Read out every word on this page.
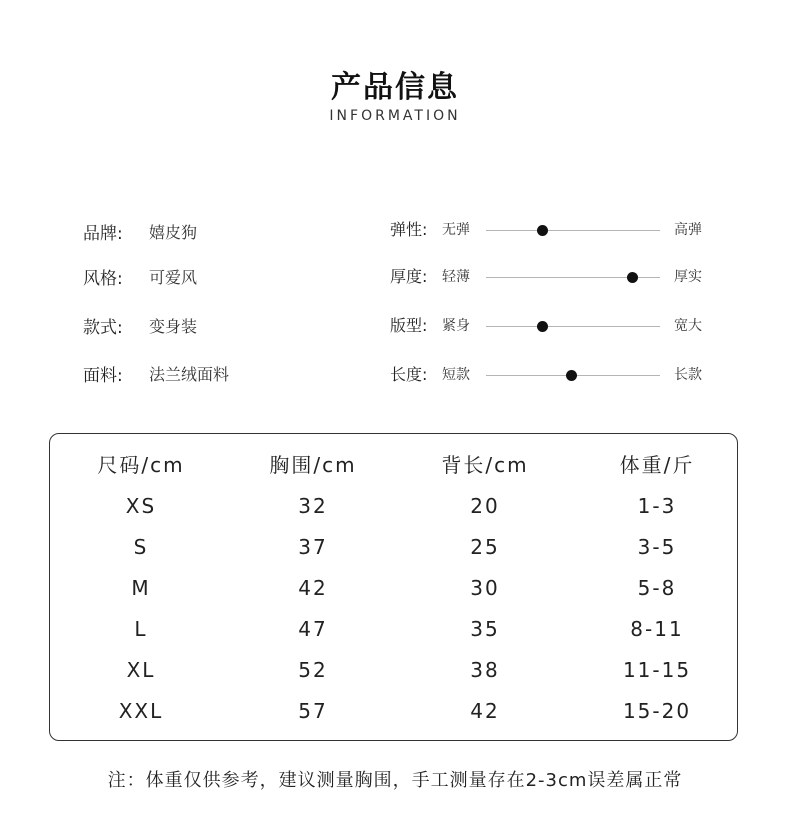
产品信息
INFORMATION
品牌:	嬉皮狗
风格:	可爱风
款式:	变身装
面料:	法兰绒面料
弹性: 无弹	高弹
厚度: 轻薄	厚实
版型: 紧身	宽大
长度: 短款	长款
尺码/cm	胸围/cm	背长/cm	体重/斤
XS	32	20	1-3
S	37	25	3-5
M	42	30	5-8
L	47	35	8-11
XL	52	38	11-15
XXL	57	42	15-20
注：体重仅供参考，建议测量胸围，手工测量存在2-3cm误差属正常
